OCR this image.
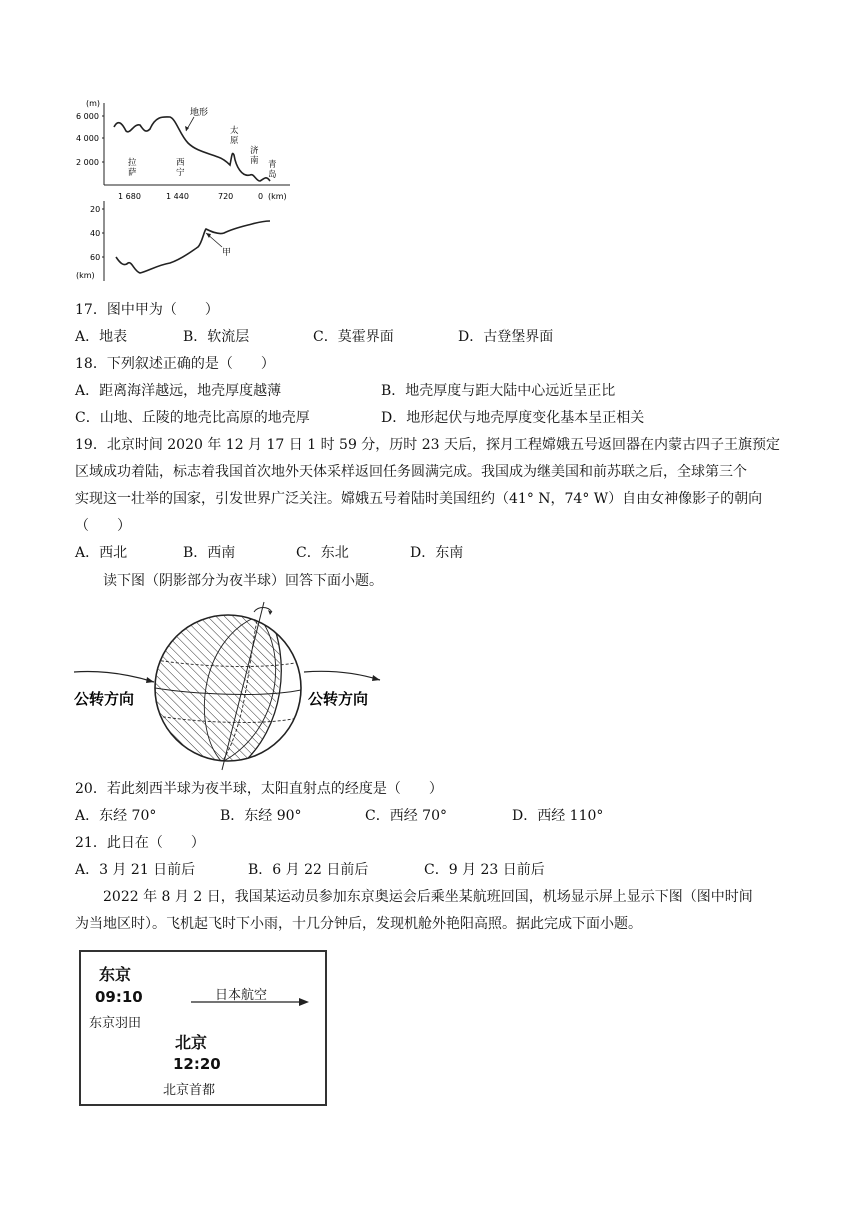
(m)
6 000
4 000
2 000
地形
拉
萨
西
宁
太
原
济
南 青
岛
1 680	1 440	720	0 (km)
20
40
60
(km)
甲
17．图中甲为（　　）
A．地表	B．软流层	C．莫霍界面	D．古登堡界面
18．下列叙述正确的是（　　）
A．距离海洋越远，地壳厚度越薄	B．地壳厚度与距大陆中心远近呈正比
C．山地、丘陵的地壳比高原的地壳厚	D．地形起伏与地壳厚度变化基本呈正相关
19．北京时间 2020 年 12 月 17 日 1 时 59 分，历时 23 天后，探月工程嫦娥五号返回器在内蒙古四子王旗预定
区域成功着陆，标志着我国首次地外天体采样返回任务圆满完成。我国成为继美国和前苏联之后，全球第三个
实现这一壮举的国家，引发世界广泛关注。嫦娥五号着陆时美国纽约（41° N，74° W）自由女神像影子的朝向
（　　）
A．西北	B．西南	C．东北	D．东南
读下图（阴影部分为夜半球）回答下面小题。
公转方向	公转方向
20．若此刻西半球为夜半球，太阳直射点的经度是（　　）
A．东经 70°	B．东经 90°	C．西经 70°	D．西经 110°
21．此日在（　　）
A．3 月 21 日前后	B．6 月 22 日前后	C．9 月 23 日前后
2022 年 8 月 2 日，我国某运动员参加东京奥运会后乘坐某航班回国，机场显示屏上显示下图（图中时间
为当地区时）。飞机起飞时下小雨，十几分钟后，发现机舱外艳阳高照。据此完成下面小题。
东京
09:10
东京羽田
日本航空
北京
12:20
北京首都
